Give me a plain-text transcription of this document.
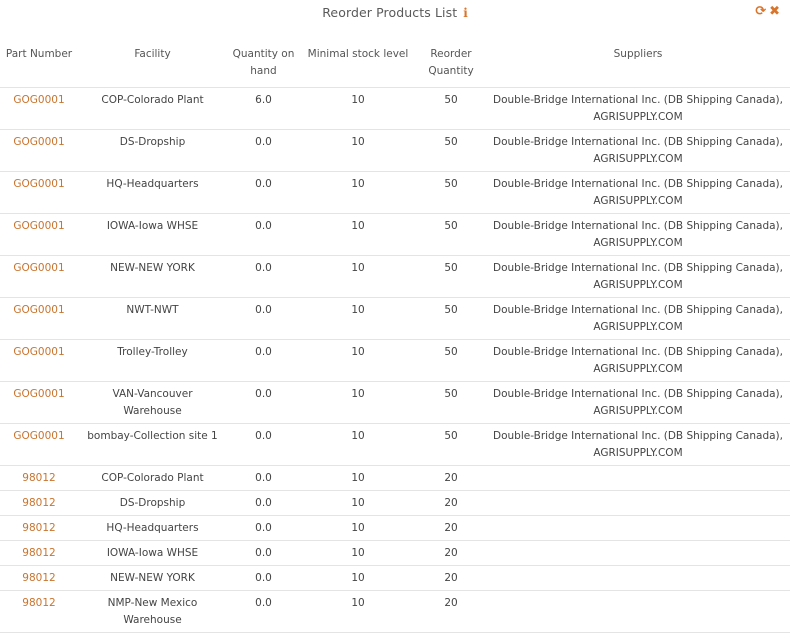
Reorder Products List i	⟳ ✖
Part Number	Facility	Quantity on hand	Minimal stock level	Reorder Quantity	Suppliers
GOG0001	COP-Colorado Plant	6.0	10	50	Double-Bridge International Inc. (DB Shipping Canada), AGRISUPPLY.COM
GOG0001	DS-Dropship	0.0	10	50	Double-Bridge International Inc. (DB Shipping Canada), AGRISUPPLY.COM
GOG0001	HQ-Headquarters	0.0	10	50	Double-Bridge International Inc. (DB Shipping Canada), AGRISUPPLY.COM
GOG0001	IOWA-Iowa WHSE	0.0	10	50	Double-Bridge International Inc. (DB Shipping Canada), AGRISUPPLY.COM
GOG0001	NEW-NEW YORK	0.0	10	50	Double-Bridge International Inc. (DB Shipping Canada), AGRISUPPLY.COM
GOG0001	NWT-NWT	0.0	10	50	Double-Bridge International Inc. (DB Shipping Canada), AGRISUPPLY.COM
GOG0001	Trolley-Trolley	0.0	10	50	Double-Bridge International Inc. (DB Shipping Canada), AGRISUPPLY.COM
GOG0001	VAN-Vancouver Warehouse	0.0	10	50	Double-Bridge International Inc. (DB Shipping Canada), AGRISUPPLY.COM
GOG0001	bombay-Collection site 1	0.0	10	50	Double-Bridge International Inc. (DB Shipping Canada), AGRISUPPLY.COM
98012	COP-Colorado Plant	0.0	10	20	
98012	DS-Dropship	0.0	10	20	
98012	HQ-Headquarters	0.0	10	20	
98012	IOWA-Iowa WHSE	0.0	10	20	
98012	NEW-NEW YORK	0.0	10	20	
98012	NMP-New Mexico Warehouse	0.0	10	20	
